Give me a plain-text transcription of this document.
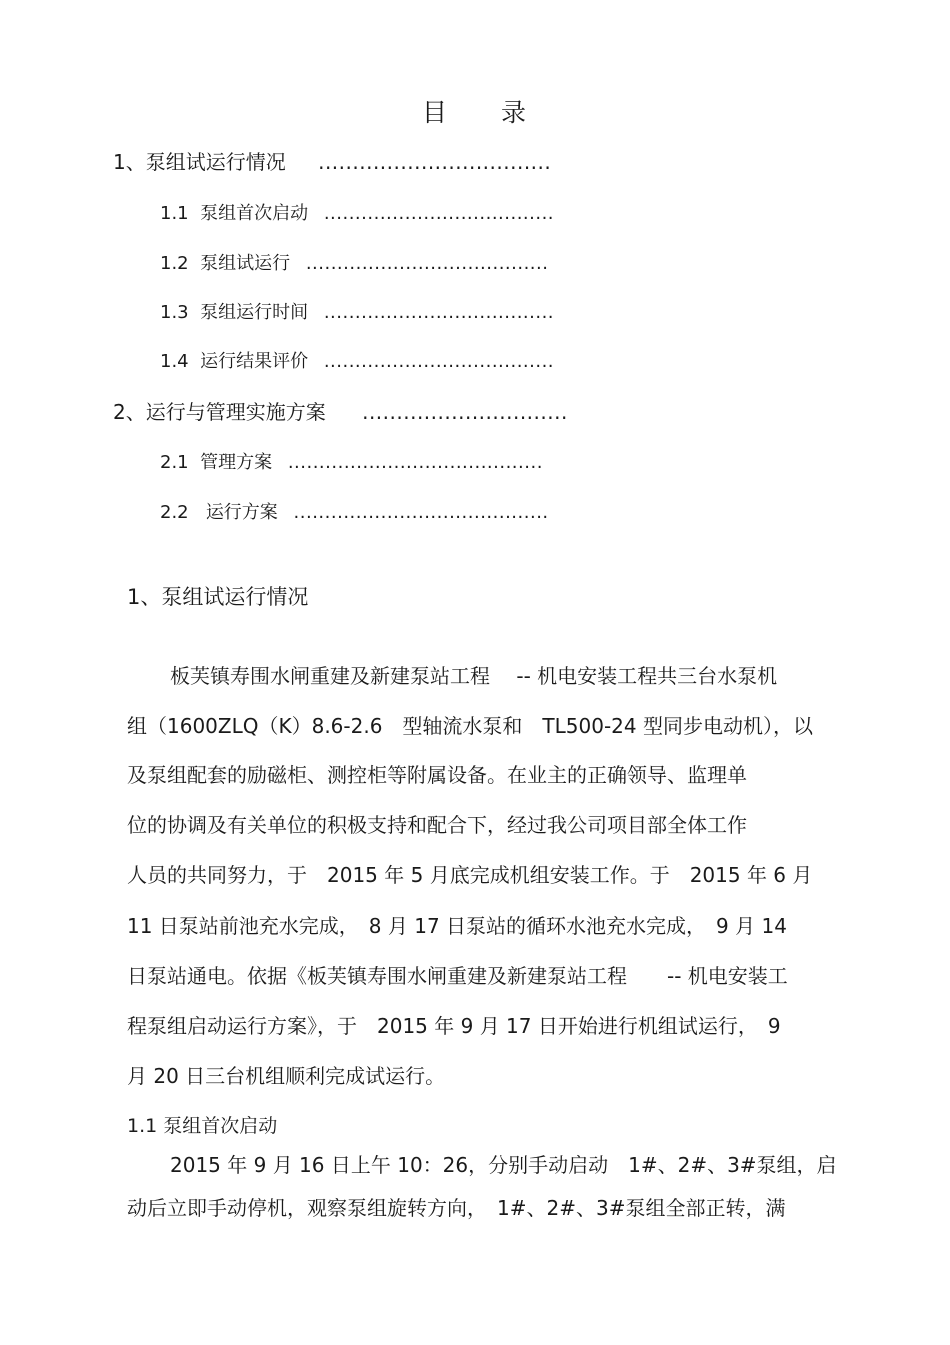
目 录
1、泵组试运行情况 ..................................
1.1 泵组首次启动 .....................................
1.2 泵组试运行 .......................................
1.3 泵组运行时间 .....................................
1.4 运行结果评价 .....................................
2、运行与管理实施方案 ..............................
2.1 管理方案 .........................................
2.2 运行方案 .........................................
1、泵组试运行情况
板芙镇寿围水闸重建及新建泵站工程　 -- 机电安装工程共三台水泵机
组（1600ZLQ（K）8.6-2.6　型轴流水泵和　TL500-24 型同步电动机），以
及泵组配套的励磁柜、测控柜等附属设备。在业主的正确领导、监理单
位的协调及有关单位的积极支持和配合下，经过我公司项目部全体工作
人员的共同努力，于　2015 年 5 月底完成机组安装工作。于　2015 年 6 月
11 日泵站前池充水完成，　8 月 17 日泵站的循环水池充水完成，　9 月 14
日泵站通电。依据《板芙镇寿围水闸重建及新建泵站工程　　-- 机电安装工
程泵组启动运行方案》，于　2015 年 9 月 17 日开始进行机组试运行，　9
月 20 日三台机组顺利完成试运行。
1.1 泵组首次启动
2015 年 9 月 16 日上午 10：26，分别手动启动　1#、2#、3#泵组，启
动后立即手动停机，观察泵组旋转方向，　1#、2#、3#泵组全部正转，满
